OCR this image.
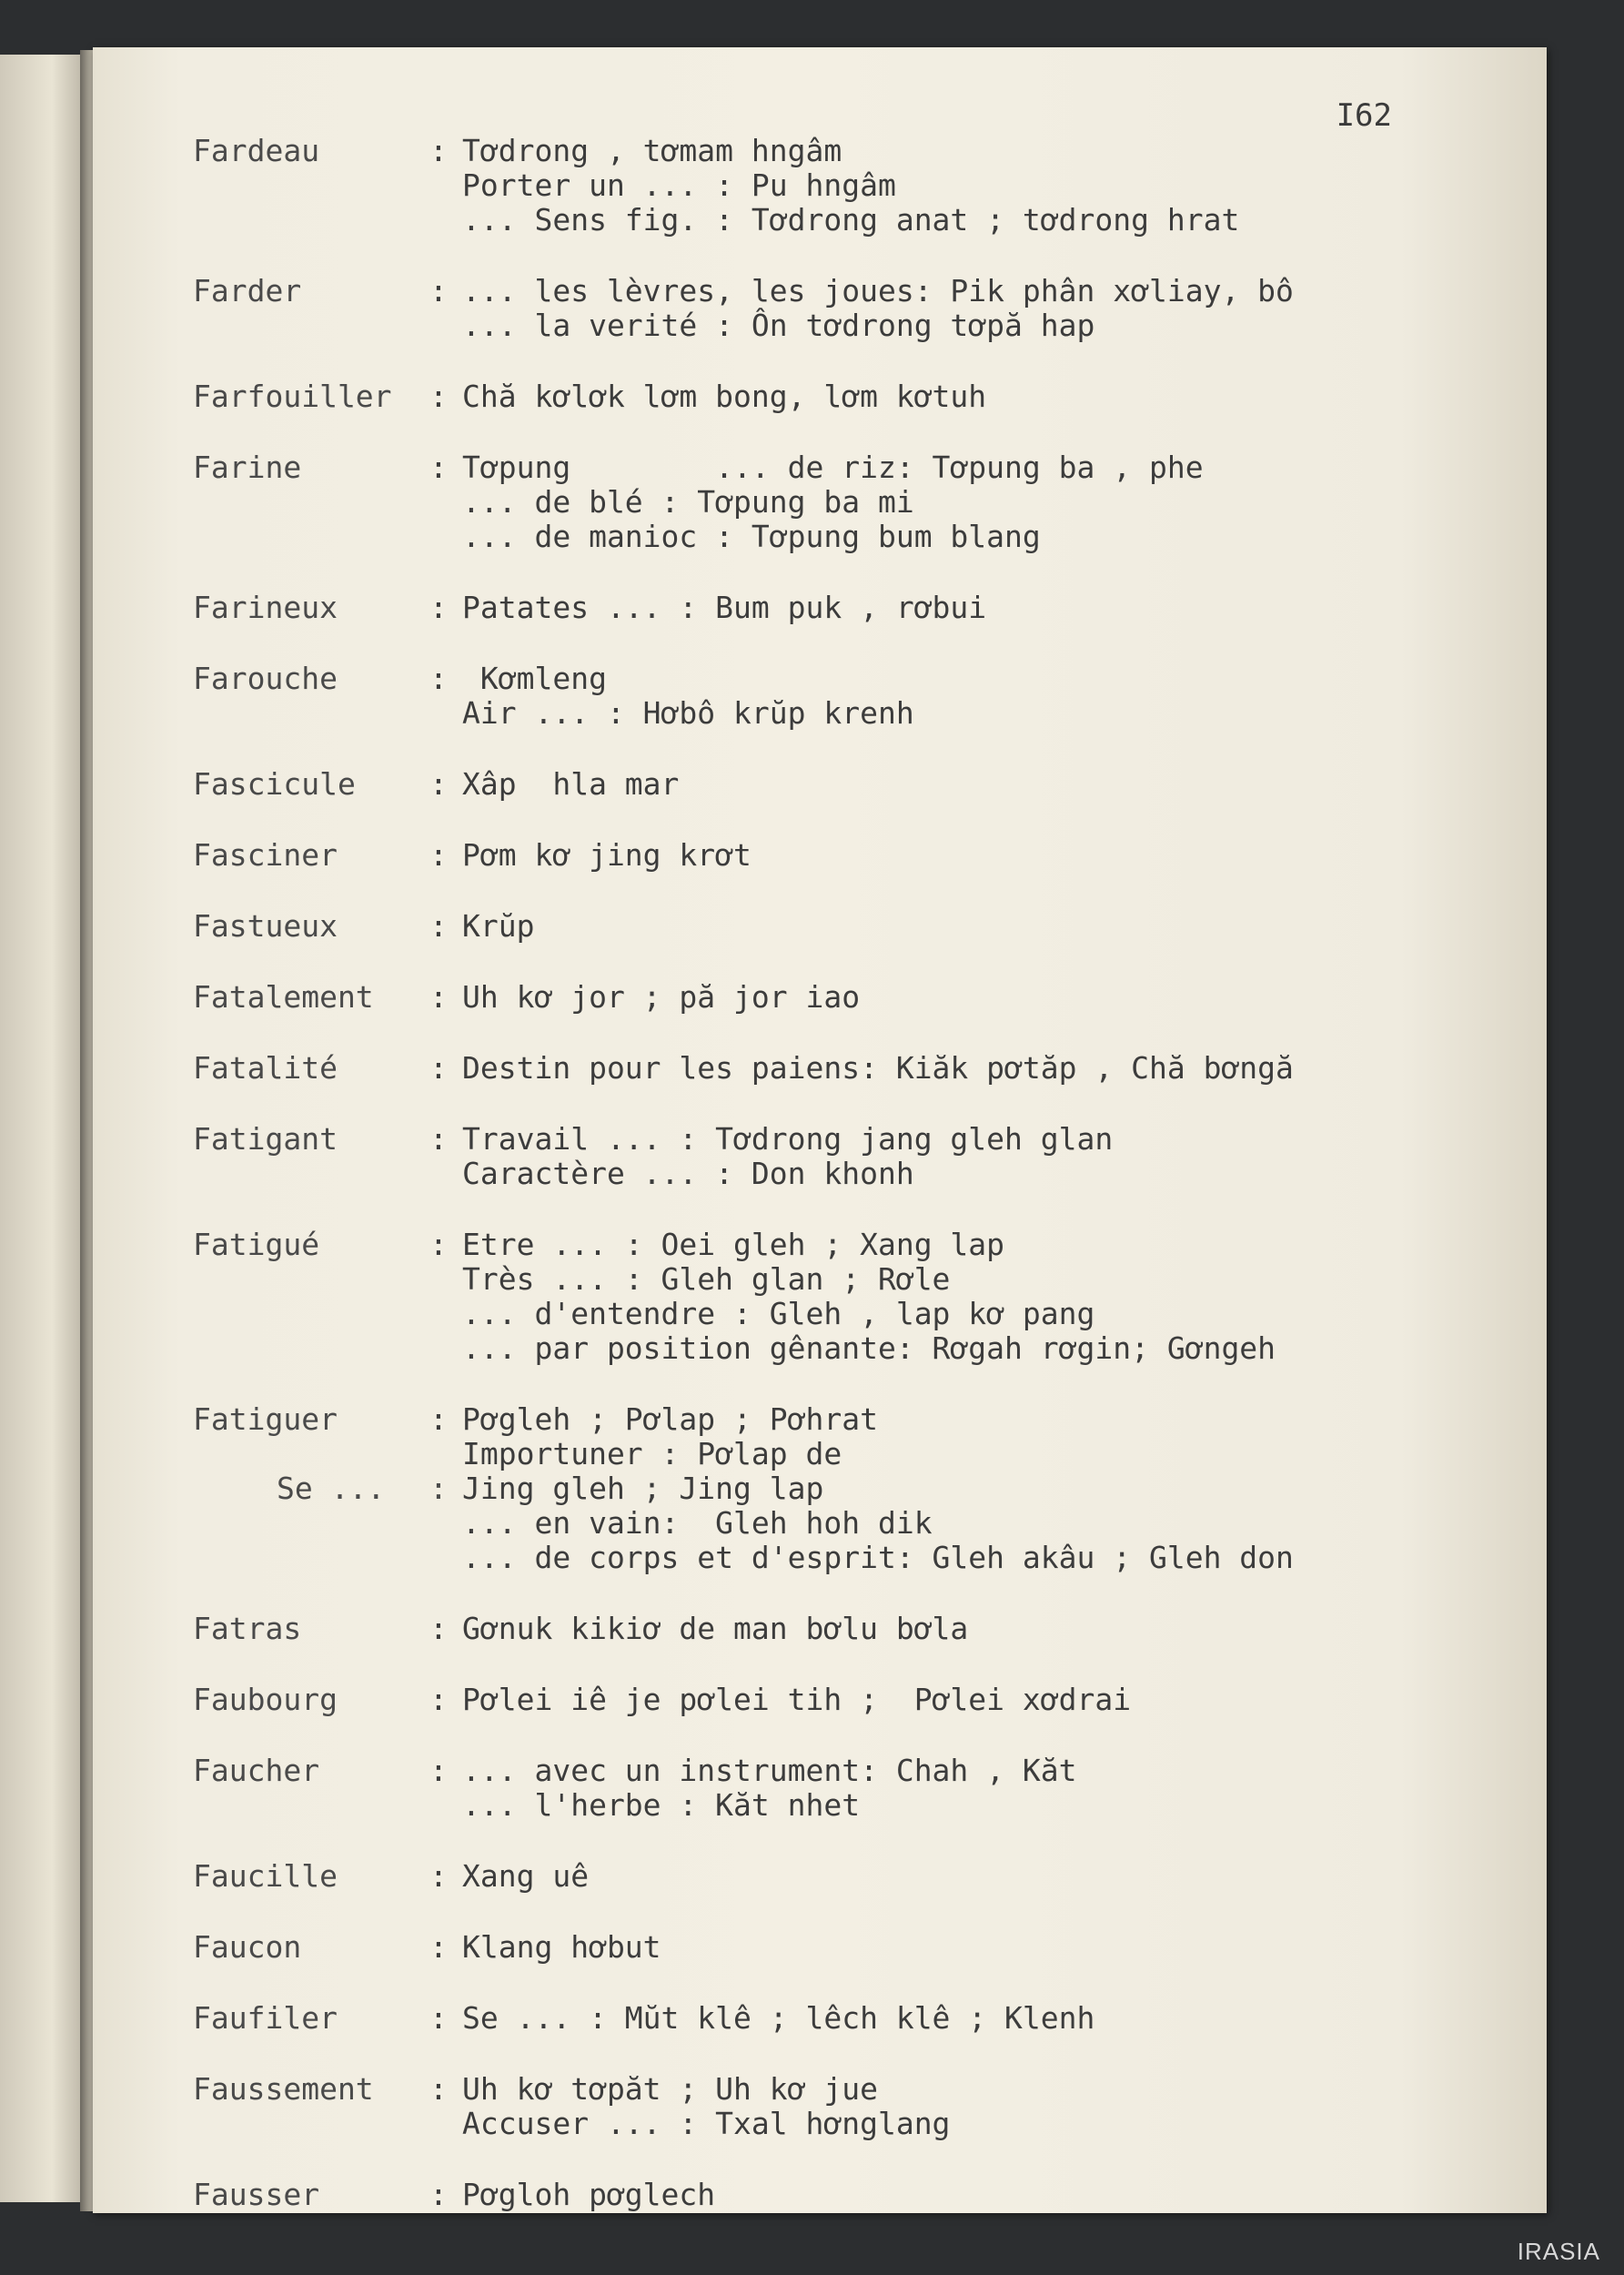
I62
Fardeau	: Tơdrong , tơmam hngâm
Porter un ... : Pu hngâm
... Sens fig. : Tơdrong anat ; tơdrong hrat
Farder	: ... les lèvres, les joues: Pik phân xơliay, bô
... la verité : Ôn tơdrong tơpă hap
Farfouiller	: Chă kơlơk lơm bong, lơm kơtuh
Farine	: Tơpung        ... de riz: Tơpung ba , phe
... de blé : Tơpung ba mi
... de manioc : Tơpung bum blang
Farineux	: Patates ... : Bum puk , rơbui
Farouche	: Kơmleng
Air ... : Hơbô krŭp krenh
Fascicule	: Xâp  hla mar
Fasciner	: Pơm kơ jing krơt
Fastueux	: Krŭp
Fatalement	: Uh kơ jor ; pă jor iao
Fatalité	: Destin pour les paiens: Kiăk pơtăp , Chă bơngă
Fatigant	: Travail ... : Tơdrong jang gleh glan
Caractère ... : Don khonh
Fatigué	: Etre ... : Oei gleh ; Xang lap
Très ... : Gleh glan ; Rơle
... d'entendre : Gleh , lap kơ pang
... par position gênante: Rơgah rơgin; Gơngeh
Fatiguer	: Pơgleh ; Pơlap ; Pơhrat
Importuner : Pơlap de
Se ... : Jing gleh ; Jing lap
... en vain:  Gleh hoh dik
... de corps et d'esprit: Gleh akâu ; Gleh don
Fatras	: Gơnuk kikiơ de man bơlu bơla
Faubourg	: Pơlei iê je pơlei tih ;  Pơlei xơdrai
Faucher	: ... avec un instrument: Chah , Kăt
... l'herbe : Kăt nhet
Faucille	: Xang uê
Faucon	: Klang hơbut
Faufiler	: Se ... : Mŭt klê ; lêch klê ; Klenh
Faussement	: Uh kơ tơpăt ; Uh kơ jue
Accuser ... : Txal hơnglang
Fausser	: Pơgloh pơglech
IRASIA
